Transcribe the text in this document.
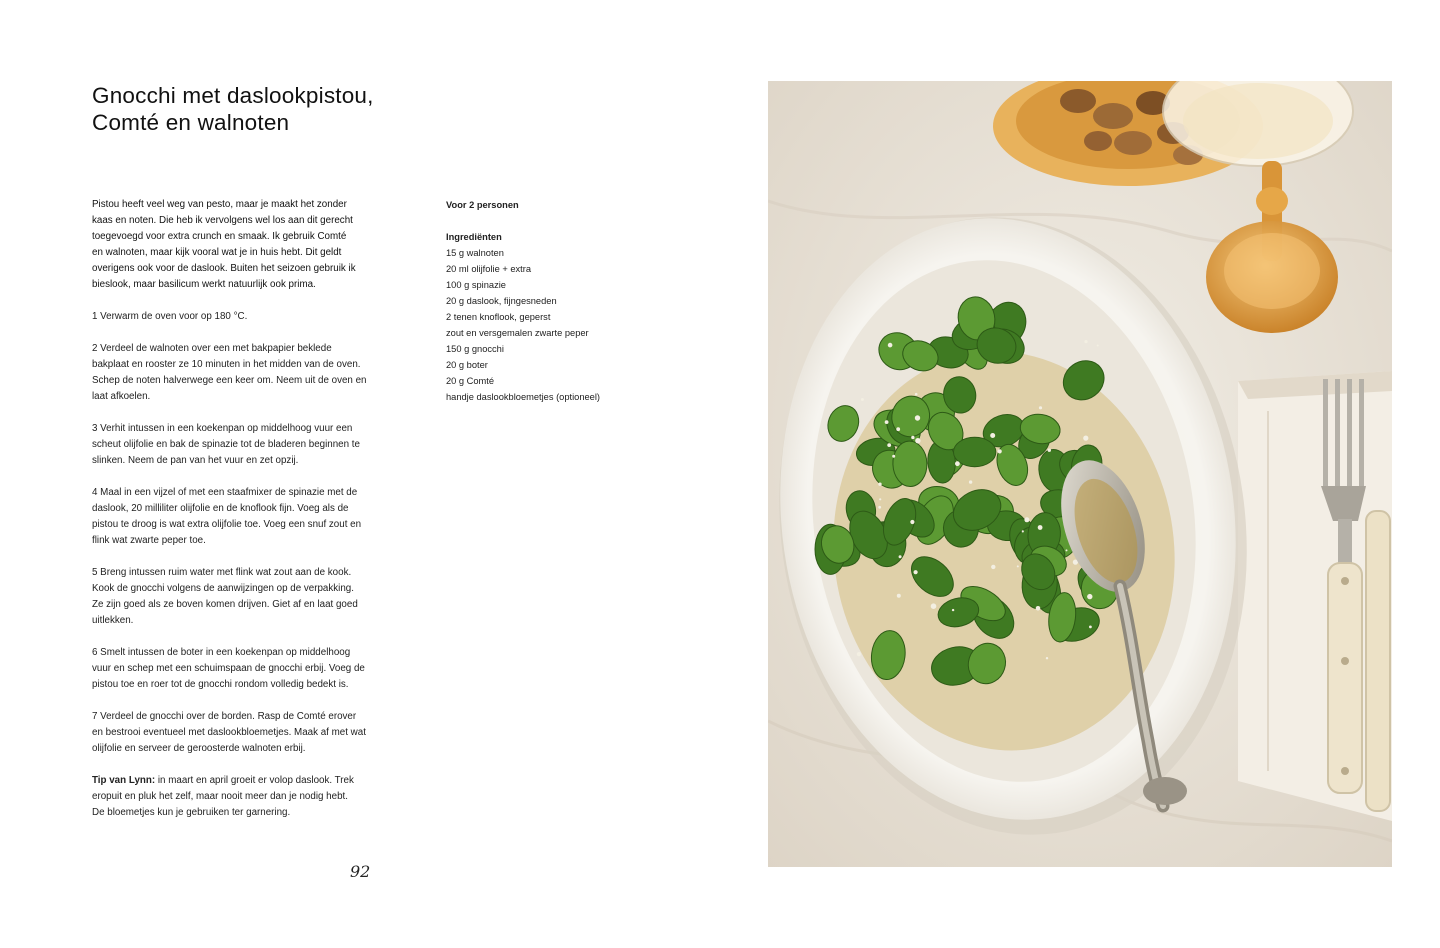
Gnocchi met daslookpistou,
Comté en walnoten
Pistou heeft veel weg van pesto, maar je maakt het zonder
kaas en noten. Die heb ik vervolgens wel los aan dit gerecht
toegevoegd voor extra crunch en smaak. Ik gebruik Comté
en walnoten, maar kijk vooral wat je in huis hebt. Dit geldt
overigens ook voor de daslook. Buiten het seizoen gebruik ik
bieslook, maar basilicum werkt natuurlijk ook prima.
1 Verwarm de oven voor op 180 °C.
2 Verdeel de walnoten over een met bakpapier beklede
bakplaat en rooster ze 10 minuten in het midden van de oven.
Schep de noten halverwege een keer om. Neem uit de oven en
laat afkoelen.
3 Verhit intussen in een koekenpan op middelhoog vuur een
scheut olijfolie en bak de spinazie tot de bladeren beginnen te
slinken. Neem de pan van het vuur en zet opzij.
4 Maal in een vijzel of met een staafmixer de spinazie met de
daslook, 20 milliliter olijfolie en de knoflook fijn. Voeg als de
pistou te droog is wat extra olijfolie toe. Voeg een snuf zout en
flink wat zwarte peper toe.
5 Breng intussen ruim water met flink wat zout aan de kook.
Kook de gnocchi volgens de aanwijzingen op de verpakking.
Ze zijn goed als ze boven komen drijven. Giet af en laat goed
uitlekken.
6 Smelt intussen de boter in een koekenpan op middelhoog
vuur en schep met een schuimspaan de gnocchi erbij. Voeg de
pistou toe en roer tot de gnocchi rondom volledig bedekt is.
7 Verdeel de gnocchi over de borden. Rasp de Comté erover
en bestrooi eventueel met daslookbloemetjes. Maak af met wat
olijfolie en serveer de geroosterde walnoten erbij.
Tip van Lynn: in maart en april groeit er volop daslook. Trek
eropuit en pluk het zelf, maar nooit meer dan je nodig hebt.
De bloemetjes kun je gebruiken ter garnering.
Voor 2 personen
Ingrediënten
15 g walnoten
20 ml olijfolie + extra
100 g spinazie
20 g daslook, fijngesneden
2 tenen knoflook, geperst
zout en versgemalen zwarte peper
150 g gnocchi
20 g boter
20 g Comté
handje daslookbloemetjes (optioneel)
92
